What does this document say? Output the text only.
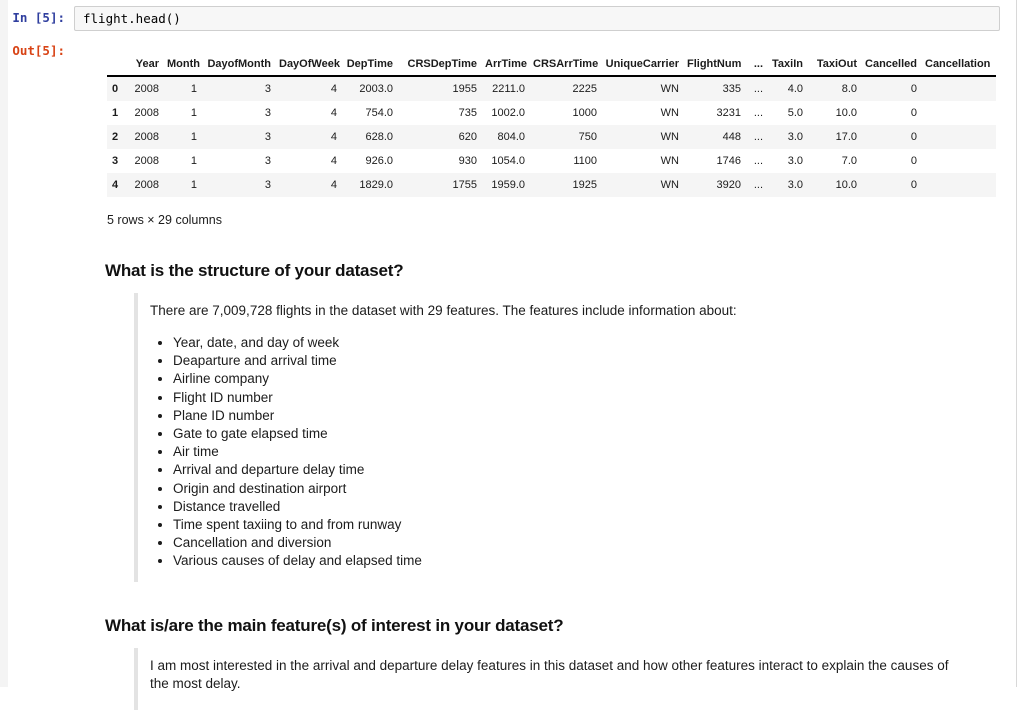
In [5]:	flight.head()
Out[5]:
	Year	Month	DayofMonth	DayOfWeek	DepTime	CRSDepTime	ArrTime	CRSArrTime	UniqueCarrier	FlightNum	...	TaxiIn	TaxiOut	Cancelled	Cancellation
0	2008	1	3	4	2003.0	1955	2211.0	2225	WN	335	...	4.0	8.0	0	
1	2008	1	3	4	754.0	735	1002.0	1000	WN	3231	...	5.0	10.0	0	
2	2008	1	3	4	628.0	620	804.0	750	WN	448	...	3.0	17.0	0	
3	2008	1	3	4	926.0	930	1054.0	1100	WN	1746	...	3.0	7.0	0	
4	2008	1	3	4	1829.0	1755	1959.0	1925	WN	3920	...	3.0	10.0	0	

5 rows × 29 columns

What is the structure of your dataset?

There are 7,009,728 flights in the dataset with 29 features. The features include information about:

• Year, date, and day of week
• Deaparture and arrival time
• Airline company
• Flight ID number
• Plane ID number
• Gate to gate elapsed time
• Air time
• Arrival and departure delay time
• Origin and destination airport
• Distance travelled
• Time spent taxiing to and from runway
• Cancellation and diversion
• Various causes of delay and elapsed time
What is/are the main feature(s) of interest in your dataset?

I am most interested in the arrival and departure delay features in this dataset and how other features interact to explain the causes of the most delay.
